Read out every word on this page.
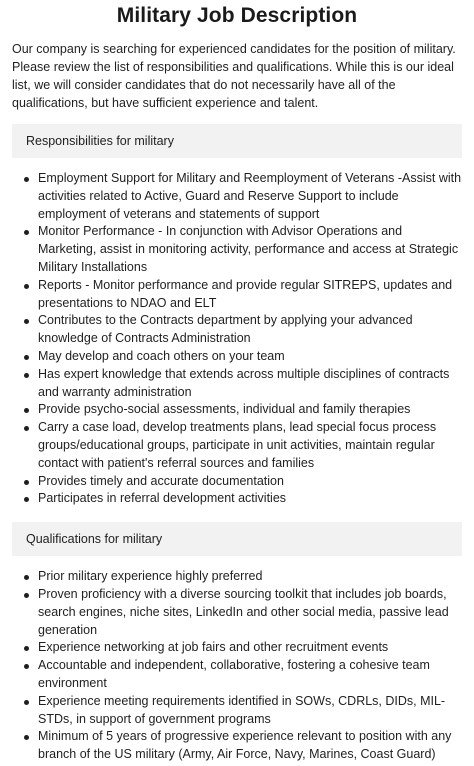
Military Job Description

Our company is searching for experienced candidates for the position of military. Please review the list of responsibilities and qualifications. While this is our ideal list, we will consider candidates that do not necessarily have all of the qualifications, but have sufficient experience and talent.

Responsibilities for military
Employment Support for Military and Reemployment of Veterans -Assist with activities related to Active, Guard and Reserve Support to include employment of veterans and statements of support
Monitor Performance - In conjunction with Advisor Operations and Marketing, assist in monitoring activity, performance and access at Strategic Military Installations
Reports - Monitor performance and provide regular SITREPS, updates and presentations to NDAO and ELT
Contributes to the Contracts department by applying your advanced knowledge of Contracts Administration
May develop and coach others on your team
Has expert knowledge that extends across multiple disciplines of contracts and warranty administration
Provide psycho-social assessments, individual and family therapies
Carry a case load, develop treatments plans, lead special focus process groups/educational groups, participate in unit activities, maintain regular contact with patient's referral sources and families
Provides timely and accurate documentation
Participates in referral development activities
Qualifications for military
Prior military experience highly preferred
Proven proficiency with a diverse sourcing toolkit that includes job boards, search engines, niche sites, LinkedIn and other social media, passive lead generation
Experience networking at job fairs and other recruitment events
Accountable and independent, collaborative, fostering a cohesive team environment
Experience meeting requirements identified in SOWs, CDRLs, DIDs, MIL-STDs, in support of government programs
Minimum of 5 years of progressive experience relevant to position with any branch of the US military (Army, Air Force, Navy, Marines, Coast Guard)
